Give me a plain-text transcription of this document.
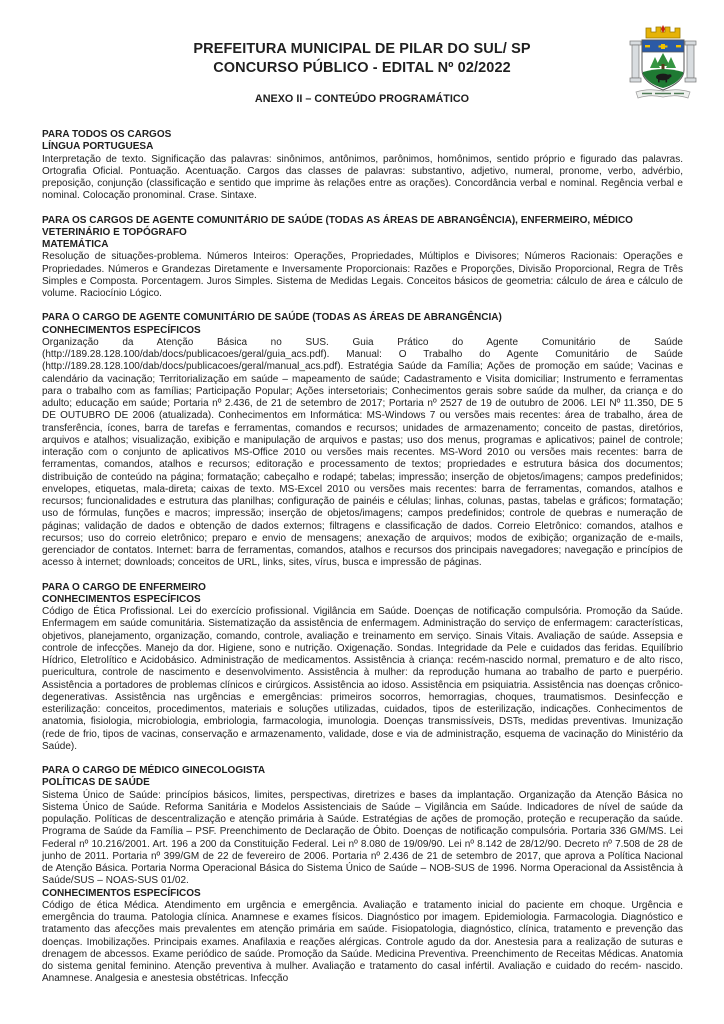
PREFEITURA MUNICIPAL DE PILAR DO SUL/ SP
CONCURSO PÚBLICO - EDITAL Nº 02/2022
ANEXO II – CONTEÚDO PROGRAMÁTICO
PARA TODOS OS CARGOS
LÍNGUA PORTUGUESA

Interpretação de texto. Significação das palavras: sinônimos, antônimos, parônimos, homônimos, sentido próprio e figurado das palavras. Ortografia Oficial. Pontuação. Acentuação. Cargos das classes de palavras: substantivo, adjetivo, numeral, pronome, verbo, advérbio, preposição, conjunção (classificação e sentido que imprime às relações entre as orações). Concordância verbal e nominal. Regência verbal e nominal. Colocação pronominal. Crase. Sintaxe.

PARA OS CARGOS DE AGENTE COMUNITÁRIO DE SAÚDE (TODAS AS ÁREAS DE ABRANGÊNCIA), ENFERMEIRO, MÉDICO VETERINÁRIO E TOPÓGRAFO
MATEMÁTICA

Resolução de situações-problema. Números Inteiros: Operações, Propriedades, Múltiplos e Divisores; Números Racionais: Operações e Propriedades. Números e Grandezas Diretamente e Inversamente Proporcionais: Razões e Proporções, Divisão Proporcional, Regra de Três Simples e Composta. Porcentagem. Juros Simples. Sistema de Medidas Legais. Conceitos básicos de geometria: cálculo de área e cálculo de volume. Raciocínio Lógico.

PARA O CARGO DE AGENTE COMUNITÁRIO DE SAÚDE (TODAS AS ÁREAS DE ABRANGÊNCIA)
CONHECIMENTOS ESPECÍFICOS

Organização da Atenção Básica no SUS. Guia Prático do Agente Comunitário de Saúde (http://189.28.128.100/dab/docs/publicacoes/geral/guia_acs.pdf). Manual: O Trabalho do Agente Comunitário de Saúde (http://189.28.128.100/dab/docs/publicacoes/geral/manual_acs.pdf). Estratégia Saúde da Família; Ações de promoção em saúde; Vacinas e calendário da vacinação; Territorialização em saúde – mapeamento de saúde; Cadastramento e Visita domiciliar; Instrumento e ferramentas para o trabalho com as famílias; Participação Popular; Ações intersetoriais; Conhecimentos gerais sobre saúde da mulher, da criança e do adulto; educação em saúde; Portaria nº 2.436, de 21 de setembro de 2017; Portaria nº 2527 de 19 de outubro de 2006. LEI Nº 11.350, DE 5 DE OUTUBRO DE 2006 (atualizada). Conhecimentos em Informática: MS-Windows 7 ou versões mais recentes: área de trabalho, área de transferência, ícones, barra de tarefas e ferramentas, comandos e recursos; unidades de armazenamento; conceito de pastas, diretórios, arquivos e atalhos; visualização, exibição e manipulação de arquivos e pastas; uso dos menus, programas e aplicativos; painel de controle; interação com o conjunto de aplicativos MS-Office 2010 ou versões mais recentes. MS-Word 2010 ou versões mais recentes: barra de ferramentas, comandos, atalhos e recursos; editoração e processamento de textos; propriedades e estrutura básica dos documentos; distribuição de conteúdo na página; formatação; cabeçalho e rodapé; tabelas; impressão; inserção de objetos/imagens; campos predefinidos; envelopes, etiquetas, mala-direta; caixas de texto. MS-Excel 2010 ou versões mais recentes: barra de ferramentas, comandos, atalhos e recursos; funcionalidades e estrutura das planilhas; configuração de painéis e células; linhas, colunas, pastas, tabelas e gráficos; formatação; uso de fórmulas, funções e macros; impressão; inserção de objetos/imagens; campos predefinidos; controle de quebras e numeração de páginas; validação de dados e obtenção de dados externos; filtragens e classificação de dados. Correio Eletrônico: comandos, atalhos e recursos; uso do correio eletrônico; preparo e envio de mensagens; anexação de arquivos; modos de exibição; organização de e-mails, gerenciador de contatos. Internet: barra de ferramentas, comandos, atalhos e recursos dos principais navegadores; navegação e princípios de acesso à internet; downloads; conceitos de URL, links, sites, vírus, busca e impressão de páginas.

PARA O CARGO DE ENFERMEIRO
CONHECIMENTOS ESPECÍFICOS

Código de Ética Profissional. Lei do exercício profissional. Vigilância em Saúde. Doenças de notificação compulsória. Promoção da Saúde. Enfermagem em saúde comunitária. Sistematização da assistência de enfermagem. Administração do serviço de enfermagem: características, objetivos, planejamento, organização, comando, controle, avaliação e treinamento em serviço. Sinais Vitais. Avaliação de saúde. Assepsia e controle de infecções. Manejo da dor. Higiene, sono e nutrição. Oxigenação. Sondas. Integridade da Pele e cuidados das feridas. Equilíbrio Hídrico, Eletrolítico e Acidobásico. Administração de medicamentos. Assistência à criança: recém-nascido normal, prematuro e de alto risco, puericultura, controle de nascimento e desenvolvimento. Assistência à mulher: da reprodução humana ao trabalho de parto e puerpério. Assistência a portadores de problemas clínicos e cirúrgicos. Assistência ao idoso. Assistência em psiquiatria. Assistência nas doenças crônico-degenerativas. Assistência nas urgências e emergências: primeiros socorros, hemorragias, choques, traumatismos. Desinfecção e esterilização: conceitos, procedimentos, materiais e soluções utilizadas, cuidados, tipos de esterilização, indicações. Conhecimentos de anatomia, fisiologia, microbiologia, embriologia, farmacologia, imunologia. Doenças transmissíveis, DSTs, medidas preventivas. Imunização (rede de frio, tipos de vacinas, conservação e armazenamento, validade, dose e via de administração, esquema de vacinação do Ministério da Saúde).

PARA O CARGO DE MÉDICO GINECOLOGISTA
POLÍTICAS DE SAÚDE

Sistema Único de Saúde: princípios básicos, limites, perspectivas, diretrizes e bases da implantação. Organização da Atenção Básica no Sistema Único de Saúde. Reforma Sanitária e Modelos Assistenciais de Saúde – Vigilância em Saúde. Indicadores de nível de saúde da população. Políticas de descentralização e atenção primária à Saúde. Estratégias de ações de promoção, proteção e recuperação da saúde. Programa de Saúde da Família – PSF. Preenchimento de Declaração de Óbito. Doenças de notificação compulsória. Portaria 336 GM/MS. Lei Federal nº 10.216/2001. Art. 196 a 200 da Constituição Federal. Lei nº 8.080 de 19/09/90. Lei nº 8.142 de 28/12/90. Decreto nº 7.508 de 28 de junho de 2011. Portaria nº 399/GM de 22 de fevereiro de 2006. Portaria nº 2.436 de 21 de setembro de 2017, que aprova a Política Nacional de Atenção Básica. Portaria Norma Operacional Básica do Sistema Único de Saúde – NOB-SUS de 1996. Norma Operacional da Assistência à Saúde/SUS – NOAS-SUS 01/02.

CONHECIMENTOS ESPECÍFICOS

Código de ética Médica. Atendimento em urgência e emergência. Avaliação e tratamento inicial do paciente em choque. Urgência e emergência do trauma. Patologia clínica. Anamnese e exames físicos. Diagnóstico por imagem. Epidemiologia. Farmacologia. Diagnóstico e tratamento das afecções mais prevalentes em atenção primária em saúde. Fisiopatologia, diagnóstico, clínica, tratamento e prevenção das doenças. Imobilizações. Principais exames. Anafilaxia e reações alérgicas. Controle agudo da dor. Anestesia para a realização de suturas e drenagem de abcessos. Exame periódico de saúde. Promoção da Saúde. Medicina Preventiva. Preenchimento de Receitas Médicas. Anatomia do sistema genital feminino. Atenção preventiva à mulher. Avaliação e tratamento do casal infértil. Avaliação e cuidado do recém- nascido. Anamnese. Analgesia e anestesia obstétricas. Infecção
